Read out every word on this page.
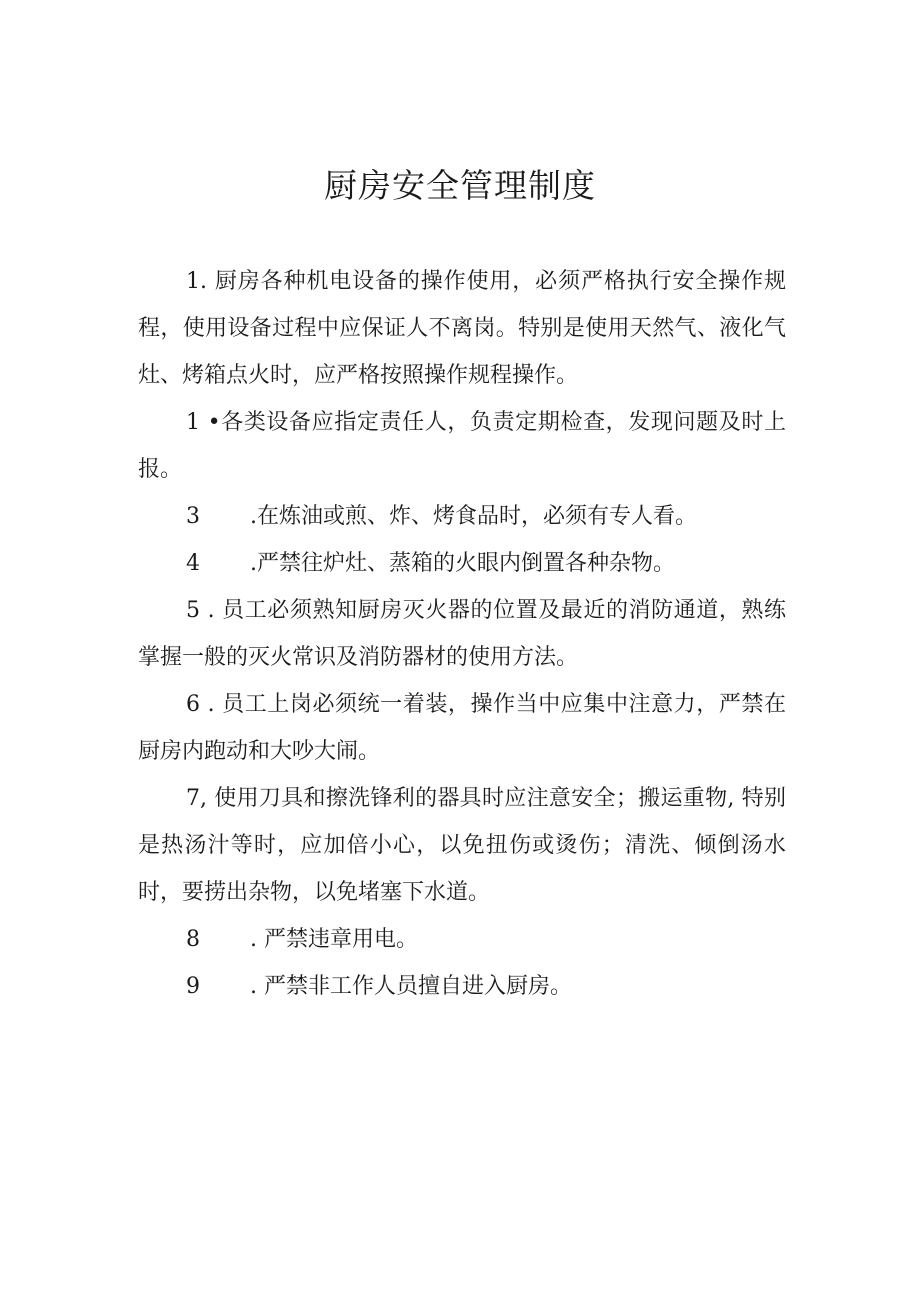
厨房安全管理制度

1. 厨房各种机电设备的操作使用，必须严格执行安全操作规程，使用设备过程中应保证人不离岗。特别是使用天然气、液化气灶、烤箱点火时，应严格按照操作规程操作。

1 •各类设备应指定责任人，负责定期检查，发现问题及时上报。

3	.在炼油或煎、炸、烤食品时，必须有专人看。

4	.严禁往炉灶、蒸箱的火眼内倒置各种杂物。

5 . 员工必须熟知厨房灭火器的位置及最近的消防通道，熟练掌握一般的灭火常识及消防器材的使用方法。

6 . 员工上岗必须统一着装，操作当中应集中注意力，严禁在厨房内跑动和大吵大闹。

7, 使用刀具和擦洗锋利的器具时应注意安全；搬运重物, 特别是热汤汁等时，应加倍小心，以免扭伤或烫伤；清洗、倾倒汤水时，要捞出杂物，以免堵塞下水道。

8	. 严禁违章用电。

9	. 严禁非工作人员擅自进入厨房。
